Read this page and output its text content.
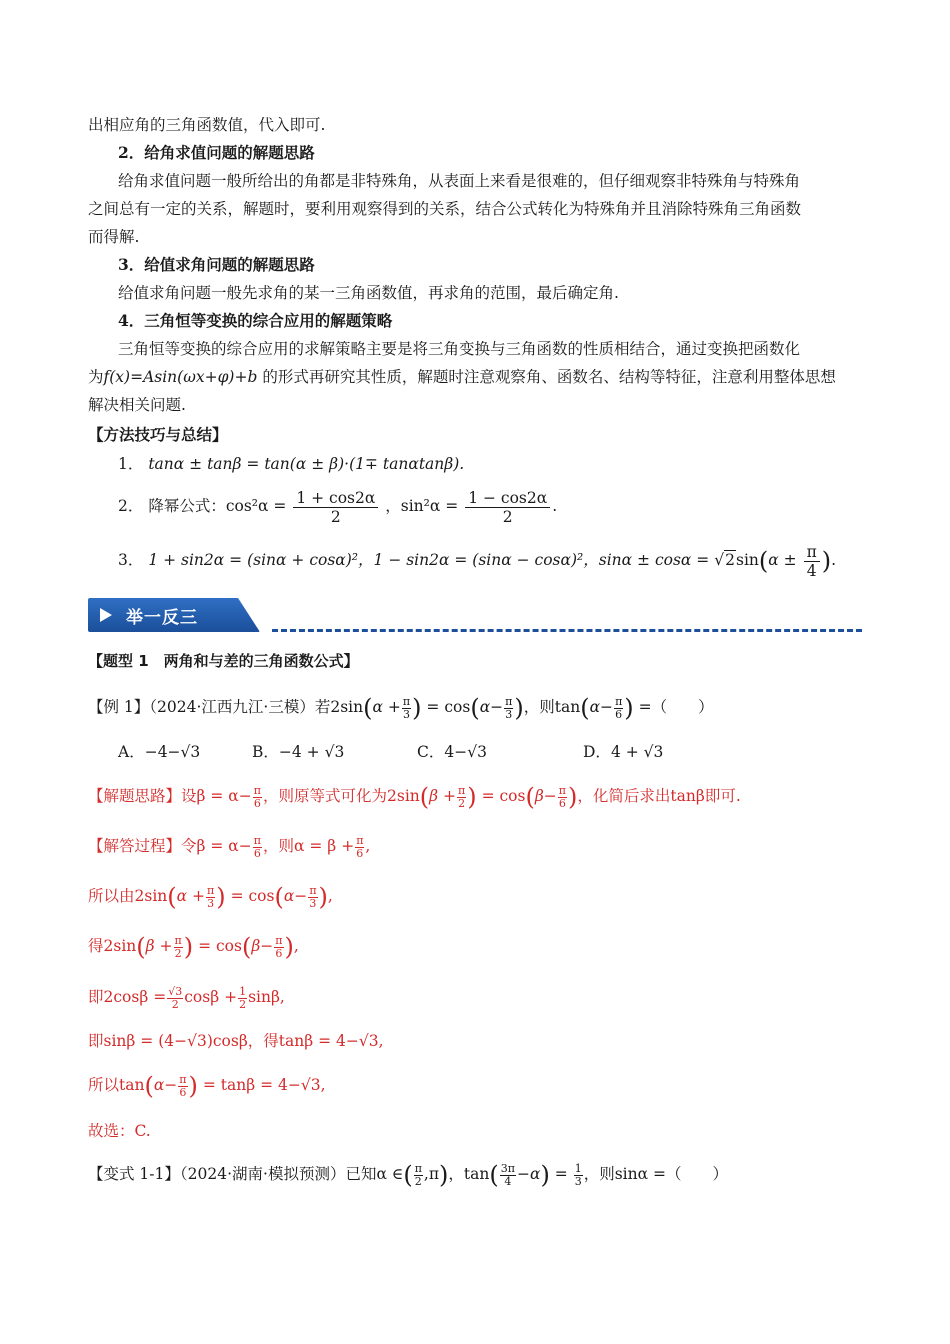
出相应角的三角函数值，代入即可.
2．给角求值问题的解题思路
给角求值问题一般所给出的角都是非特殊角，从表面上来看是很难的，但仔细观察非特殊角与特殊角
之间总有一定的关系，解题时，要利用观察得到的关系，结合公式转化为特殊角并且消除特殊角三角函数
而得解.
3．给值求角问题的解题思路
给值求角问题一般先求角的某一三角函数值，再求角的范围，最后确定角.
4．三角恒等变换的综合应用的解题策略
三角恒等变换的综合应用的求解策略主要是将三角变换与三角函数的性质相结合，通过变换把函数化
为f(x)=Asin(ωx+φ)+b 的形式再研究其性质，解题时注意观察角、函数名、结构等特征，注意利用整体思想
解决相关问题.
【方法技巧与总结】
1． tanα ± tanβ = tan(α ± β)·(1∓ tanαtanβ).
2． 降幂公式：$\cos^2\alpha = \frac{1 + \cos 2\alpha}{2}$ ，$\sin^2\alpha = \frac{1 - \cos 2\alpha}{2}$ .
3． 1 + sin2α = (sinα + cosα)²，1 − sin2α = (sinα − cosα)²，$\sin\alpha \pm \cos\alpha = √2\sin(\alpha \pm \frac{\pi}{4}$ ).
举一反三
【题型 1　两角和与差的三角函数公式】
【例 1】（2024·江西九江·三模）若$2\sin(\alpha + \frac{\pi}{3}$ ) = $\cos(\alpha- \frac{\pi}{3}$ )，则$\tan(\alpha- \frac{\pi}{6}$ ) =（　　）
A．−4−√3	B．−4 + √3	C．4−√3	D．4 + √3
【解题思路】设$\beta = \alpha- \frac{\pi}{6}$ ，则原等式可化为$2\sin(\beta + \frac{\pi}{2}$ ) = $\cos(\beta- \frac{\pi}{6}$ )，化简后求出tanβ即可.
【解答过程】令$\beta = \alpha- \frac{\pi}{6}$ ，则$\alpha = \beta + \frac{\pi}{6}$ ,
所以由$2\sin(\alpha + \frac{\pi}{3}$ ) = $\cos(\alpha- \frac{\pi}{3}$ ),
得$2\sin(\beta + \frac{\pi}{2}$ ) = $\cos(\beta- \frac{\pi}{6}$ ),
即$2\cos\beta = \frac{√3}{2}$ $\cos\beta + \frac{1}{2} \sin\beta$,
即sinβ = (4−√3)cosβ，得tanβ = 4−√3,
所以$\tan(\alpha- \frac{\pi}{6}$ ) = tanβ = 4−√3,
故选：C.
【变式 1-1】（2024·湖南·模拟预测）已知α ∈( $\frac{\pi}{2} ,\pi$)，$\tan( \frac{3\pi}{4} -\alpha) = \frac{1}{3}$ ，则sinα =（　　）
